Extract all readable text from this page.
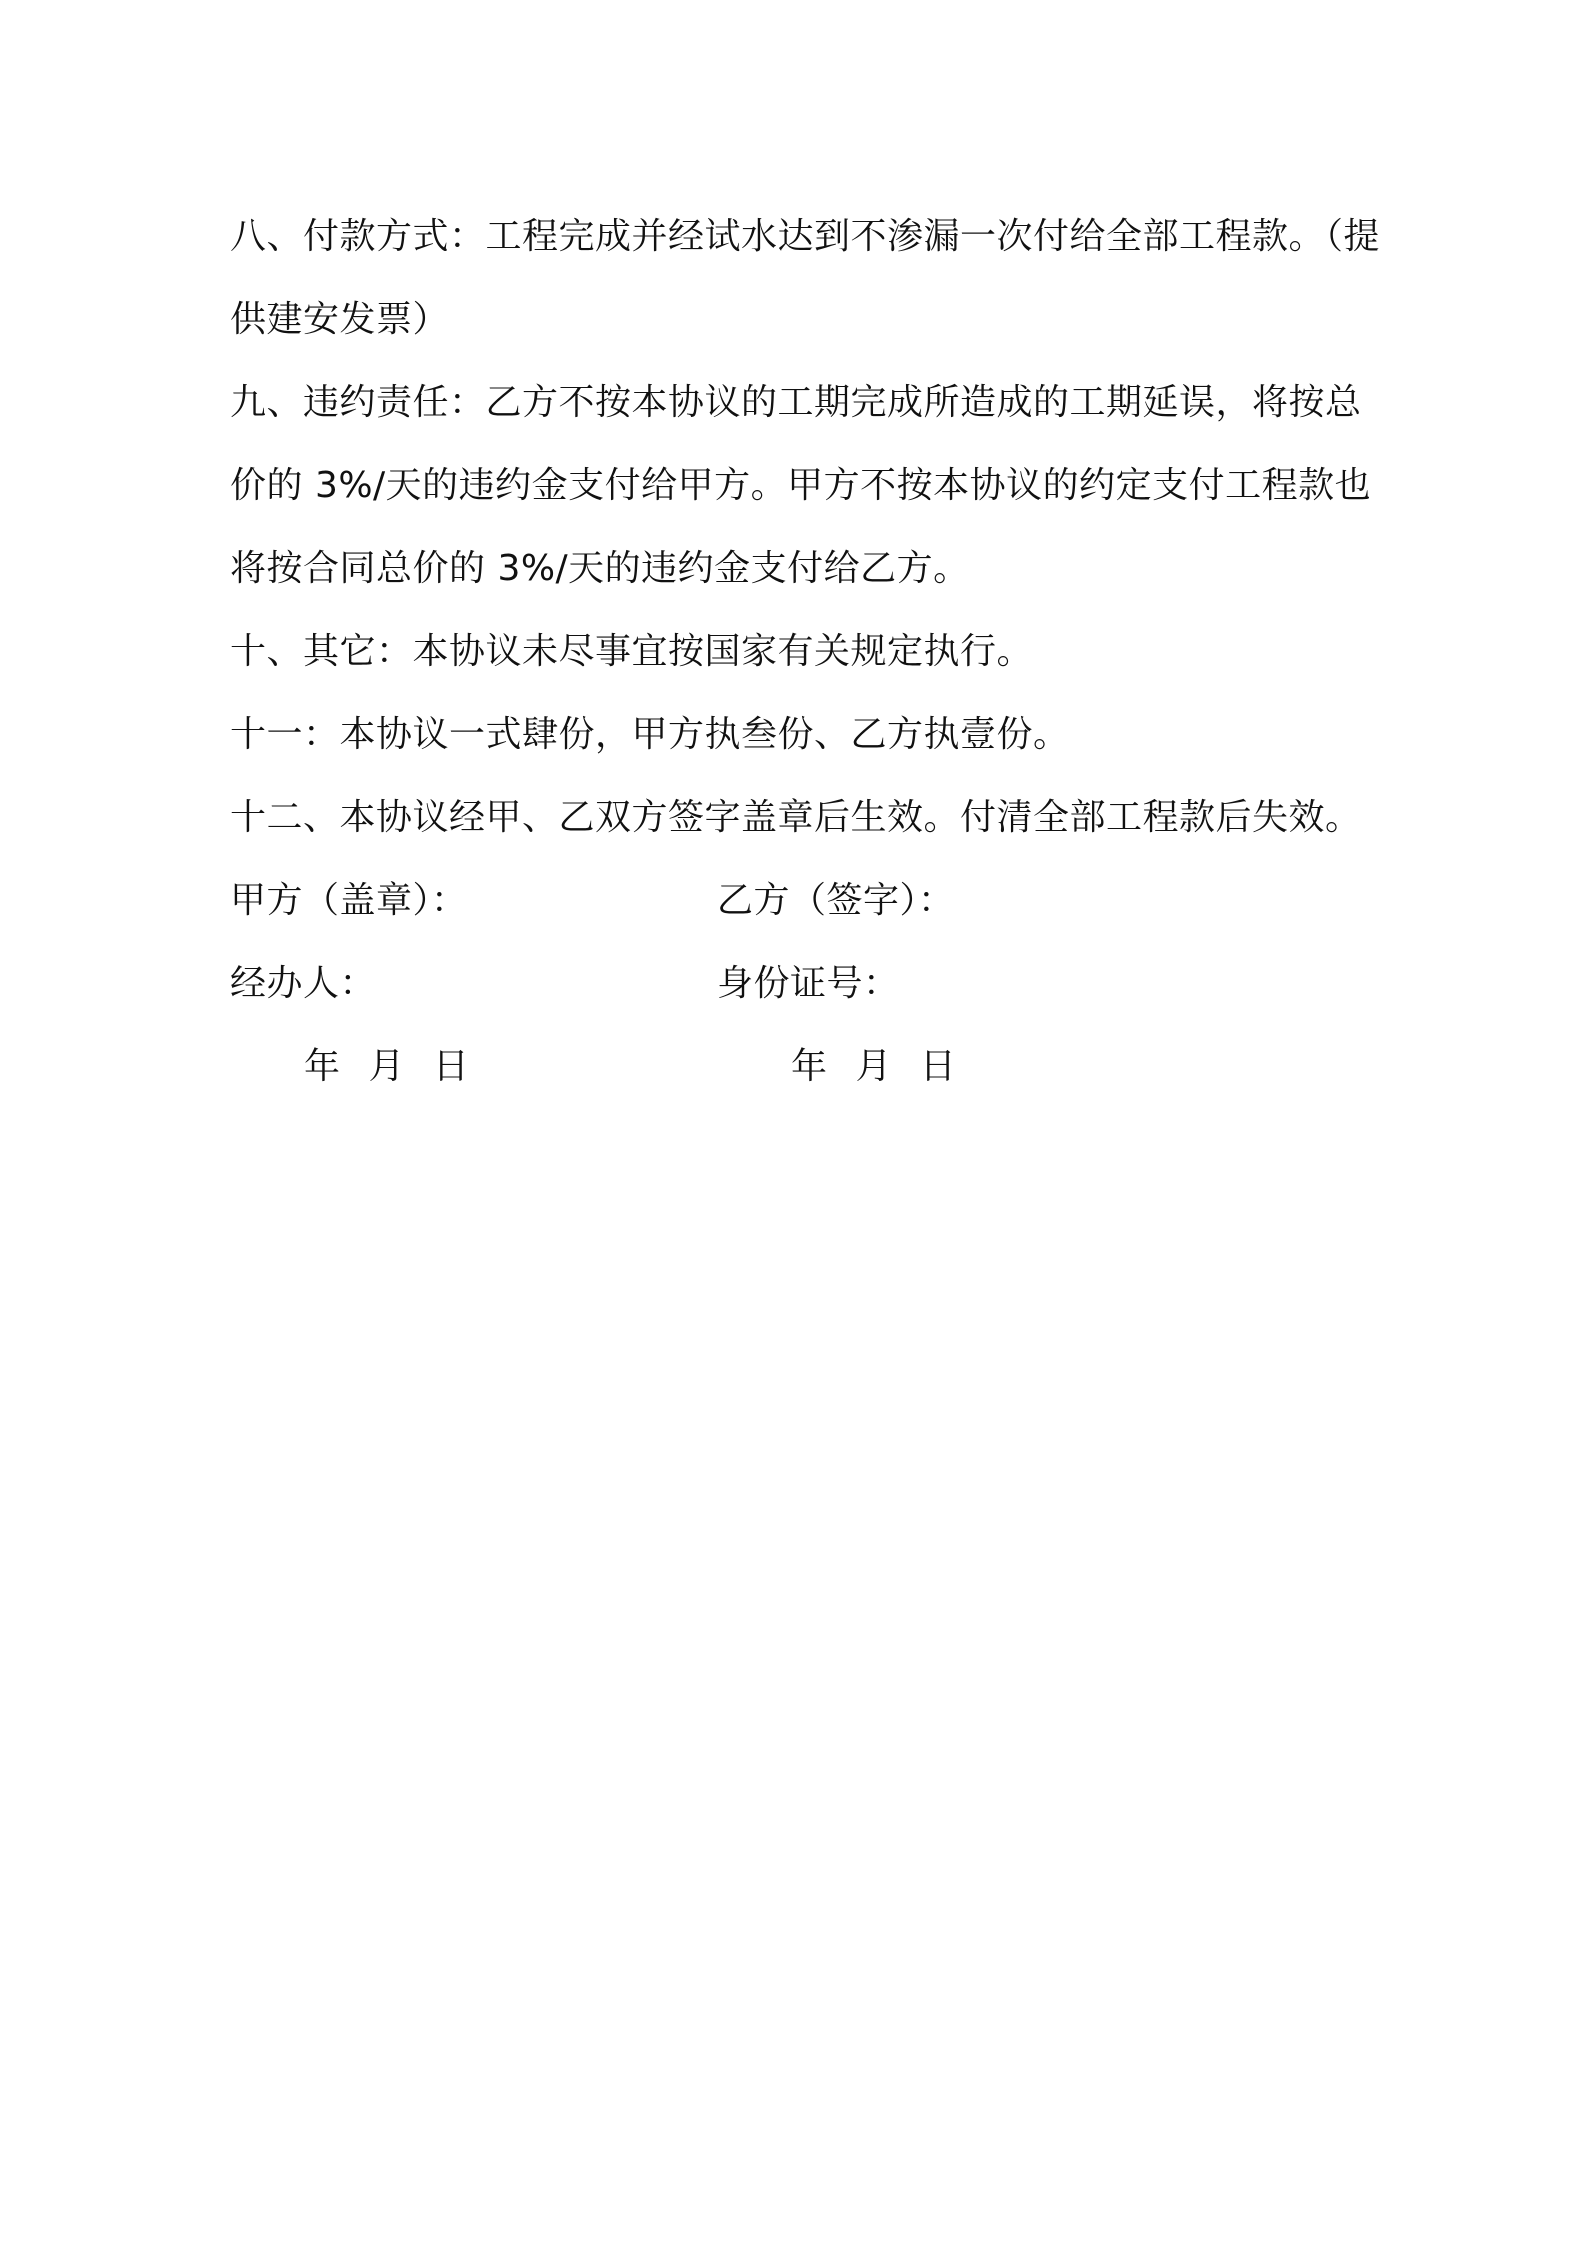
八、付款方式：工程完成并经试水达到不渗漏一次付给全部工程款。（提供建安发票）

九、违约责任：乙方不按本协议的工期完成所造成的工期延误，将按总价的 3%/天的违约金支付给甲方。甲方不按本协议的约定支付工程款也将按合同总价的 3%/天的违约金支付给乙方。

十、其它：本协议未尽事宜按国家有关规定执行。

十一：本协议一式肆份，甲方执叁份、乙方执壹份。

十二、本协议经甲、乙双方签字盖章后生效。付清全部工程款后失效。

甲方（盖章）：	乙方（签字）：
经办人：	身份证号：
年 月 日	年 月 日
